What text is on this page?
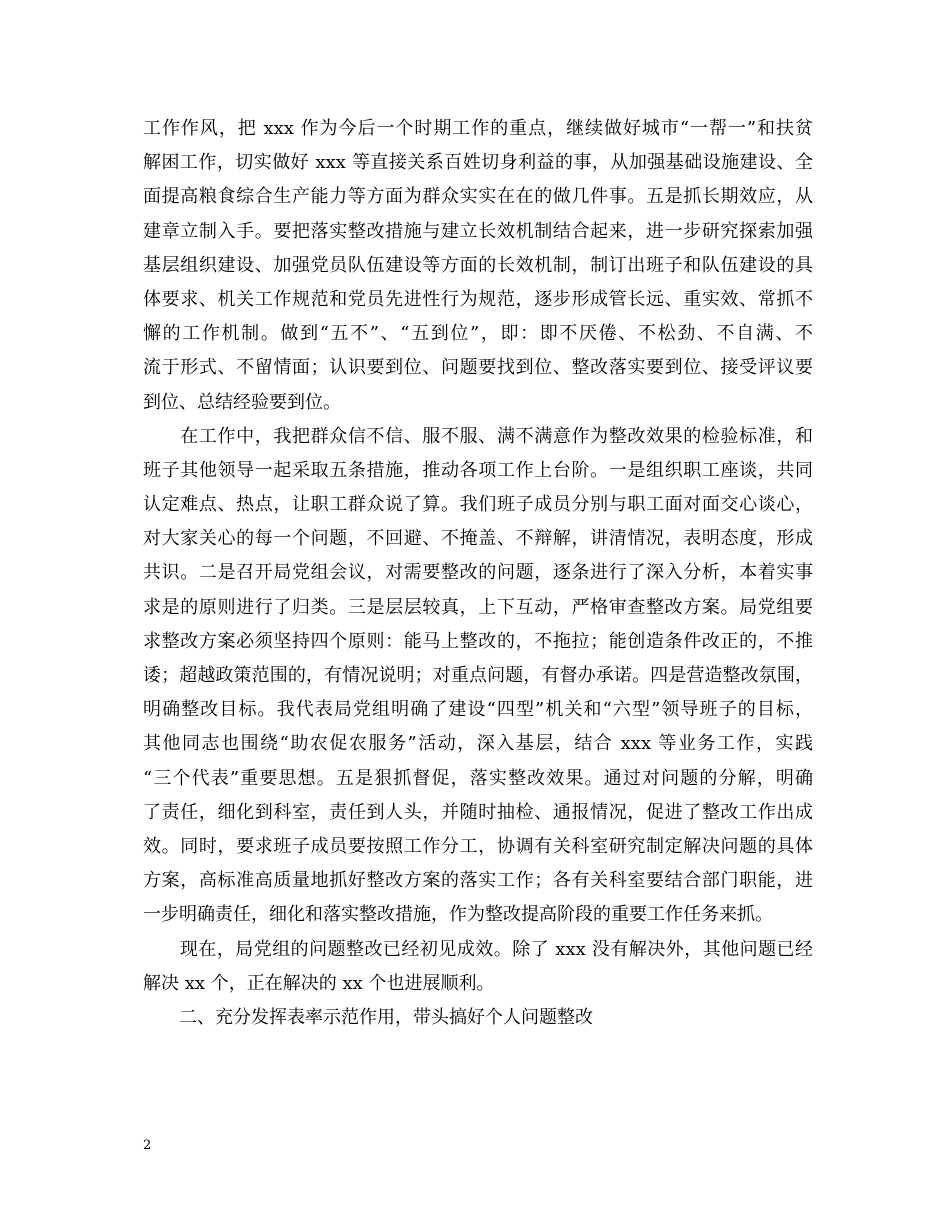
工作作风，把 xxx 作为今后一个时期工作的重点，继续做好城市“一帮一”和扶贫
解困工作，切实做好 xxx 等直接关系百姓切身利益的事，从加强基础设施建设、全
面提高粮食综合生产能力等方面为群众实实在在的做几件事。五是抓长期效应，从
建章立制入手。要把落实整改措施与建立长效机制结合起来，进一步研究探索加强
基层组织建设、加强党员队伍建设等方面的长效机制，制订出班子和队伍建设的具
体要求、机关工作规范和党员先进性行为规范，逐步形成管长远、重实效、常抓不
懈的工作机制。做到“五不”、“五到位”，即：即不厌倦、不松劲、不自满、不
流于形式、不留情面；认识要到位、问题要找到位、整改落实要到位、接受评议要
到位、总结经验要到位。
　　在工作中，我把群众信不信、服不服、满不满意作为整改效果的检验标准，和
班子其他领导一起采取五条措施，推动各项工作上台阶。一是组织职工座谈，共同
认定难点、热点，让职工群众说了算。我们班子成员分别与职工面对面交心谈心，
对大家关心的每一个问题，不回避、不掩盖、不辩解，讲清情况，表明态度，形成
共识。二是召开局党组会议，对需要整改的问题，逐条进行了深入分析，本着实事
求是的原则进行了归类。三是层层较真，上下互动，严格审查整改方案。局党组要
求整改方案必须坚持四个原则：能马上整改的，不拖拉；能创造条件改正的，不推
诿；超越政策范围的，有情况说明；对重点问题，有督办承诺。四是营造整改氛围，
明确整改目标。我代表局党组明确了建设“四型”机关和“六型”领导班子的目标，
其他同志也围绕“助农促农服务”活动，深入基层，结合 xxx 等业务工作，实践
“三个代表”重要思想。五是狠抓督促，落实整改效果。通过对问题的分解，明确
了责任，细化到科室，责任到人头，并随时抽检、通报情况，促进了整改工作出成
效。同时，要求班子成员要按照工作分工，协调有关科室研究制定解决问题的具体
方案，高标准高质量地抓好整改方案的落实工作；各有关科室要结合部门职能，进
一步明确责任，细化和落实整改措施，作为整改提高阶段的重要工作任务来抓。
　　现在，局党组的问题整改已经初见成效。除了 xxx 没有解决外，其他问题已经
解决 xx 个，正在解决的 xx 个也进展顺利。
　　二、充分发挥表率示范作用，带头搞好个人问题整改
2
